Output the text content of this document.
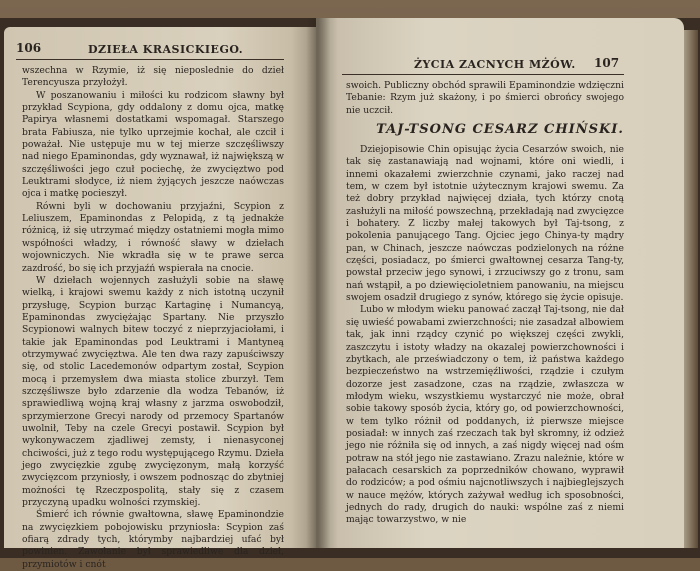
106	DZIEŁA KRASICKIEGO.

wszechna w Rzymie, iż się nieposlednie do dzieł Terencyusza przyłożył.

W poszanowaniu i miłości ku rodzicom sławny był przykład Scypiona, gdy oddalony z domu ojca, matkę Papirya własnemi dostatkami wspomagał. Starszego brata Fabiusza, nie tylko uprzejmie kochał, ale czcił i poważał. Nie ustępuje mu w tej mierze szczęśliwszy nad niego Epaminondas, gdy wyznawał, iż największą w szczęśliwości jego czuł pociechę, że zwycięztwo pod Leuktrami słodyce, iż niem żyjących jeszcze naówczas ojca i matkę pocieszył.

Równi byli w dochowaniu przyjaźni, Scypion z Leliuszem, Epaminondas z Pelopidą, z tą jednakże różnicą, iż się utrzymać między ostatniemi mogła mimo współności władzy, i równość sławy w dziełach wojowniczych. Nie wkradła się w te prawe serca zazdrość, bo się ich przyjaźń wspierała na cnocie.

W dziełach wojennych zasłużyli sobie na sławę wielką, i krajowi swemu każdy z nich istotną uczynił przysługę, Scypion burząc Kartaginę i Numancyą, Epaminondas zwyciężając Spartany. Nie przyszło Scypionowi walnych bitew toczyć z nieprzyjaciołami, i takie jak Epaminondas pod Leuktrami i Mantyneą otrzymywać zwycięztwa. Ale ten dwa razy zapuściwszy się, od stolic Lacedemonów odpartym został, Scypion mocą i przemysłem dwa miasta stolice zburzył. Tem szczęśliwsze było zdarzenie dla wodza Tebanów, iż sprawiedliwą wojną kraj własny z jarzma oswobodził, sprzymierzone Grecyi narody od przemocy Spartanów uwolnił, Teby na czele Grecyi postawił. Scypion był wykonywaczem zjadliwej zemsty, i nienasyconej chciwości, już z tego rodu występującego Rzymu. Dzieła jego zwycięzkie zgubę zwycięzonym, małą korzyść zwycięzcom przyniosły, i owszem podnosząc do zbytniej możności tę Rzeczpospolitą, stały się z czasem przyczyną upadku wolności rzymskiej.

Śmierć ich równie gwałtowna, sławę Epaminondzie na zwycięzkiem pobojowisku przyniosła: Scypion zaś ofiarą zdrady tych, którymby najbardziej ufać był powinien. Zawołanie był sprawiedliwe dla dzieł, przymiotów i cnót

ŻYCIA ZACNYCH MŻÓW. 107

swoich. Publiczny obchód sprawili Epaminondzie wdzięczni Tebanie: Rzym już skażony, i po śmierci obrońcy swojego nie uczcił.

TAJ-TSONG CESARZ CHIŃSKI.

Dziejopisowie Chin opisując życia Cesarzów swoich, nie tak się zastanawiają nad wojnami, które oni wiedli, i innemi okazałemi zwierzchnie czynami, jako raczej nad tem, w czem był istotnie użytecznym krajowi swemu. Za też dobry przykład najwięcej działa, tych którzy cnotą zasłużyli na miłość powszechną, przekładają nad zwycięzce i bohatery. Z liczby małej takowych był Taj-tsong, z pokolenia panującego Tang. Ojciec jego Chinya-ty mądry pan, w Chinach, jeszcze naówczas podzielonych na różne części, posiadacz, po śmierci gwałtownej cesarza Tang-ty, powstał przeciw jego synowi, i zrzuciwszy go z tronu, sam nań wstąpił, a po dziewięcioletniem panowaniu, na miejscu swojem osadził drugiego z synów, którego się życie opisuje.

Lubo w młodym wieku panować zaczął Taj-tsong, nie dał się uwieść powabami zwierzchności; nie zasadzał albowiem tak, jak inni rządcy czynić po większej części zwykli, zaszczytu i istoty władzy na okazalej powierzchowności i zbytkach, ale przeświadczony o tem, iż państwa każdego bezpieczeństwo na wstrzemięźliwości, rządzie i czułym dozorze jest zasadzone, czas na rządzie, zwłaszcza w młodym wieku, wszystkiemu wystarczyć nie może, obrał sobie takowy sposób życia, który go, od powierzchowności, w tem tylko różnił od poddanych, iż pierwsze miejsce posiadał: w innych zaś rzeczach tak był skromny, iż odzież jego nie różniła się od innych, a zaś nigdy więcej nad ośm potraw na stół jego nie zastawiano. Zrazu należnie, które w pałacach cesarskich za poprzedników chowano, wyprawił do rodziców; a pod ośmiu najcnotliwszych i najbieglejszych w nauce mężów, których zażywał według ich sposobności, jednych do rady, drugich do nauki: wspólne zaś z niemi mając towarzystwo, w nie
